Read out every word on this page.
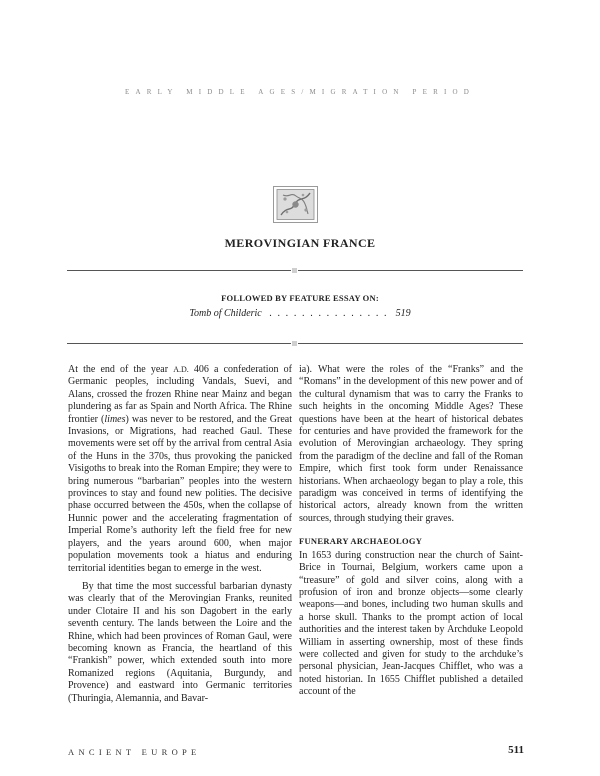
EARLY MIDDLE AGES/MIGRATION PERIOD
MEROVINGIAN FRANCE
FOLLOWED BY FEATURE ESSAY ON:
Tomb of Childeric . . . . . . . . . . . . . . . 519

At the end of the year A.D. 406 a confederation of Germanic peoples, including Vandals, Suevi, and Alans, crossed the frozen Rhine near Mainz and began plundering as far as Spain and North Africa. The Rhine frontier (limes) was never to be restored, and the Great Invasions, or Migrations, had reached Gaul. These movements were set off by the arrival from central Asia of the Huns in the 370s, thus provoking the panicked Visigoths to break into the Roman Empire; they were to bring numerous “barbarian” peoples into the western provinces to stay and found new polities. The decisive phase occurred between the 450s, when the collapse of Hunnic power and the accelerating fragmentation of Imperial Rome’s authority left the field free for new players, and the years around 600, when major population movements took a hiatus and enduring territorial identities began to emerge in the west.

By that time the most successful barbarian dynasty was clearly that of the Merovingian Franks, reunited under Clotaire II and his son Dagobert in the early seventh century. The lands between the Loire and the Rhine, which had been provinces of Roman Gaul, were becoming known as Francia, the heartland of this “Frankish” power, which extended south into more Romanized regions (Aquitania, Burgundy, and Provence) and eastward into Germanic territories (Thuringia, Alemannia, and Bavar-

ia). What were the roles of the “Franks” and the “Romans” in the development of this new power and of the cultural dynamism that was to carry the Franks to such heights in the oncoming Middle Ages? These questions have been at the heart of historical debates for centuries and have provided the framework for the evolution of Merovingian archaeology. They spring from the paradigm of the decline and fall of the Roman Empire, which first took form under Renaissance historians. When archaeology began to play a role, this paradigm was conceived in terms of identifying the historical actors, already known from the written sources, through studying their graves.

FUNERARY ARCHAEOLOGY

In 1653 during construction near the church of Saint-Brice in Tournai, Belgium, workers came upon a “treasure” of gold and silver coins, along with a profusion of iron and bronze objects—some clearly weapons—and bones, including two human skulls and a horse skull. Thanks to the prompt action of local authorities and the interest taken by Archduke Leopold William in asserting ownership, most of these finds were collected and given for study to the archduke’s personal physician, Jean-Jacques Chifflet, who was a noted historian. In 1655 Chifflet published a detailed account of the

ANCIENT EUROPE	511
